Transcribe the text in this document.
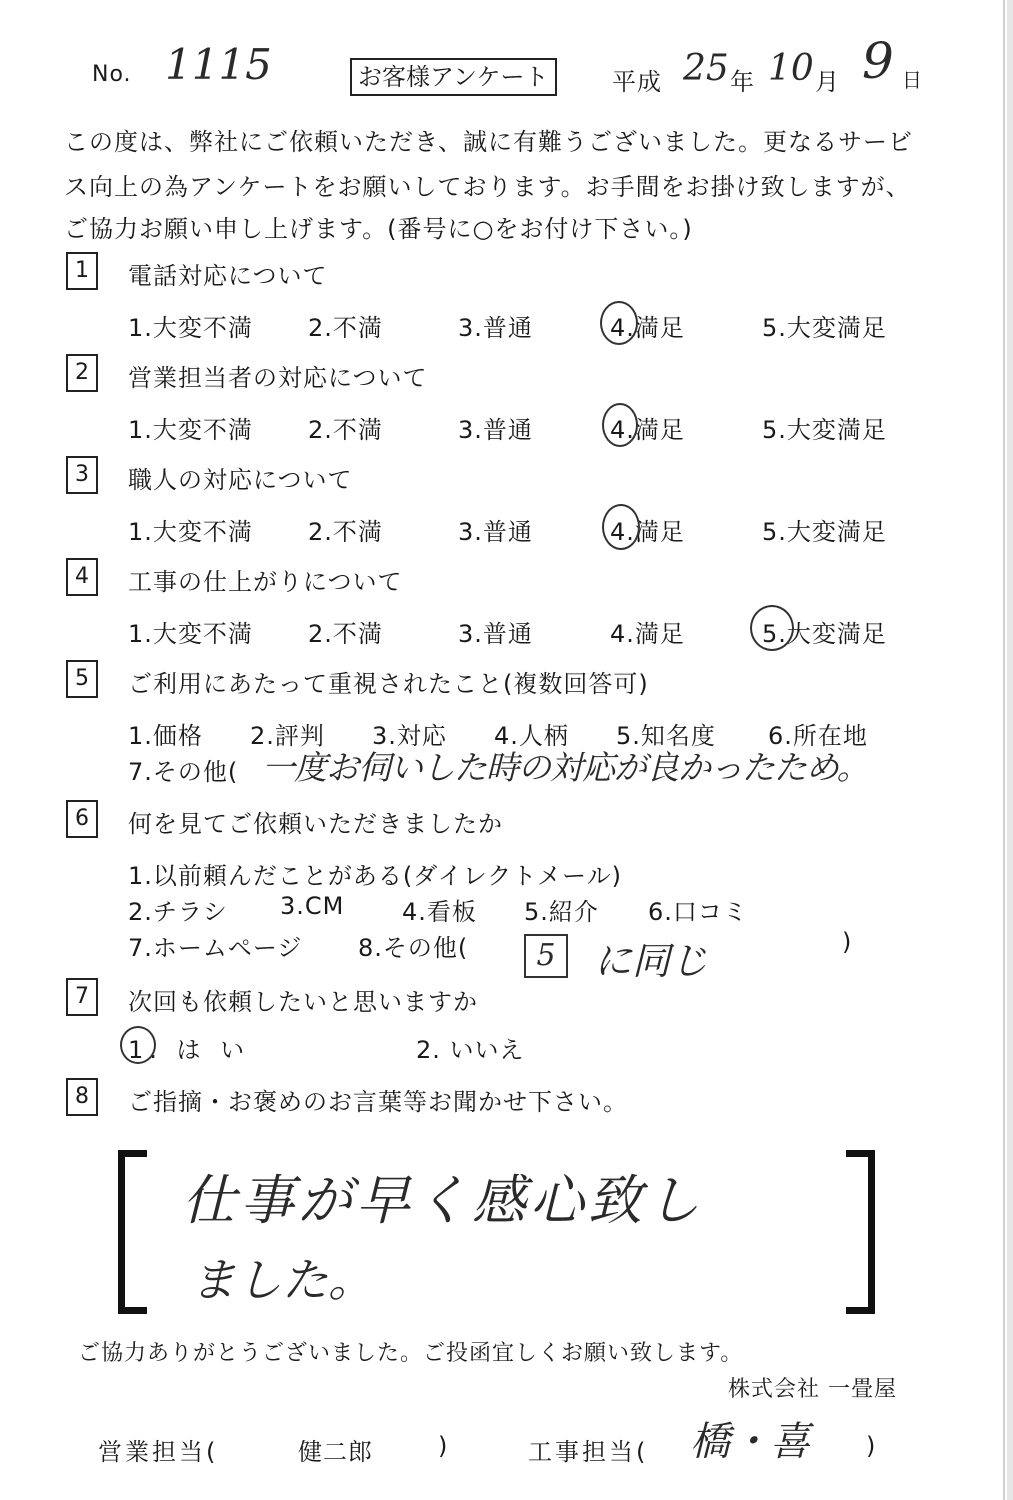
No. 1115	お客様アンケート	平成 25 年 10 月 9 日
この度は、弊社にご依頼いただき、誠に有難うございました。更なるサービ
ス向上の為アンケートをお願いしております。お手間をお掛け致しますが、
ご協力お願い申し上げます。(番号に○をお付け下さい。)
1	電話対応について
1.大変不満 2.不満	3.普通	4.満足	5.大変満足
2	営業担当者の対応について
1.大変不満 2.不満	3.普通	4.満足	5.大変満足
3	職人の対応について
1.大変不満 2.不満	3.普通	4.満足	5.大変満足
4	工事の仕上がりについて
1.大変不満 2.不満	3.普通	4.満足	5.大変満足
5	ご利用にあたって重視されたこと(複数回答可)
1.価格 2.評判 3.対応 4.人柄 5.知名度 6.所在地
7.その他( 一度お伺いした時の対応が良かったため。
6	何を見てご依頼いただきましたか
1.以前頼んだことがある(ダイレクトメール)
2.チラシ 3.CM 4.看板 5.紹介 6.口コミ
7.ホームページ 8.その他(	)
5	に同じ
7	次回も依頼したいと思いますか
1. は い	2. いいえ
8	ご指摘・お褒めのお言葉等お聞かせ下さい。
仕事が早く感心致し
ました。
ご協力ありがとうございました。ご投函宜しくお願い致します。
株式会社 一畳屋
営業担当(	健二郎	)	工事担当( 橋・喜 )
